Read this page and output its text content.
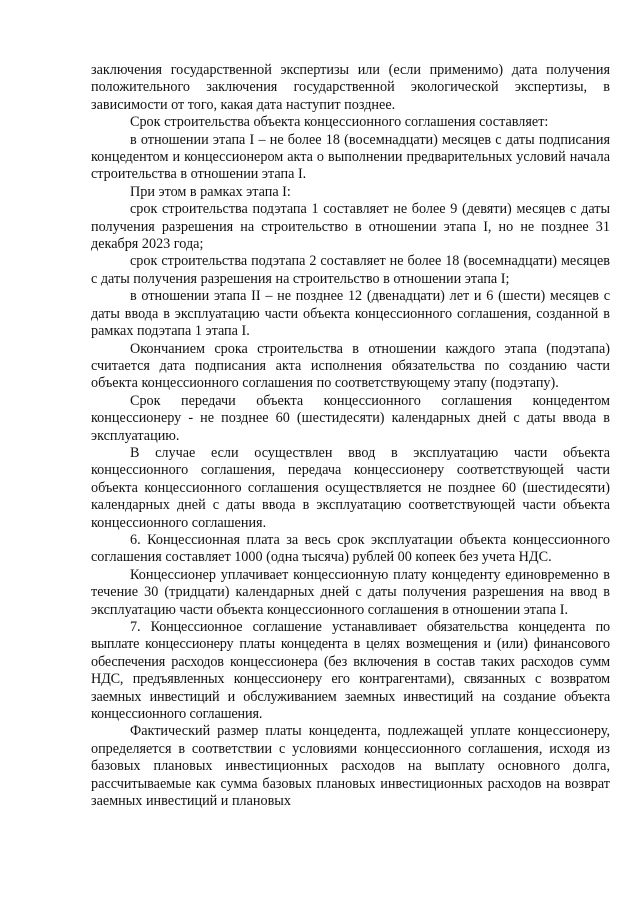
заключения государственной экспертизы или (если применимо) дата получения положительного заключения государственной экологической экспертизы, в зависимости от того, какая дата наступит позднее.

Срок строительства объекта концессионного соглашения составляет:

в отношении этапа I – не более 18 (восемнадцати) месяцев с даты подписания концедентом и концессионером акта о выполнении предварительных условий начала строительства в отношении этапа I.

При этом в рамках этапа I:

срок строительства подэтапа 1 составляет не более 9 (девяти) месяцев с даты получения разрешения на строительство в отношении этапа I, но не позднее 31 декабря 2023 года;

срок строительства подэтапа 2 составляет не более 18 (восемнадцати) месяцев с даты получения разрешения на строительство в отношении этапа I;

в отношении этапа II – не позднее 12 (двенадцати) лет и 6 (шести) месяцев с даты ввода в эксплуатацию части объекта концессионного соглашения, созданной в рамках подэтапа 1 этапа I.

Окончанием срока строительства в отношении каждого этапа (подэтапа) считается дата подписания акта исполнения обязательства по созданию части объекта концессионного соглашения по соответствующему этапу (подэтапу).

Срок передачи объекта концессионного соглашения концедентом концессионеру - не позднее 60 (шестидесяти) календарных дней с даты ввода в эксплуатацию.

В случае если осуществлен ввод в эксплуатацию части объекта концессионного соглашения, передача концессионеру соответствующей части объекта концессионного соглашения осуществляется не позднее 60 (шестидесяти) календарных дней с даты ввода в эксплуатацию соответствующей части объекта концессионного соглашения.

6. Концессионная плата за весь срок эксплуатации объекта концессионного соглашения составляет 1000 (одна тысяча) рублей 00 копеек без учета НДС.

Концессионер уплачивает концессионную плату концеденту единовременно в течение 30 (тридцати) календарных дней с даты получения разрешения на ввод в эксплуатацию части объекта концессионного соглашения в отношении этапа I.

7. Концессионное соглашение устанавливает обязательства концедента по выплате концессионеру платы концедента в целях возмещения и (или) финансового обеспечения расходов концессионера (без включения в состав таких расходов сумм НДС, предъявленных концессионеру его контрагентами), связанных с возвратом заемных инвестиций и обслуживанием заемных инвестиций на создание объекта концессионного соглашения.

Фактический размер платы концедента, подлежащей уплате концессионеру, определяется в соответствии с условиями концессионного соглашения, исходя из базовых плановых инвестиционных расходов на выплату основного долга, рассчитываемые как сумма базовых плановых инвестиционных расходов на возврат заемных инвестиций и плановых
